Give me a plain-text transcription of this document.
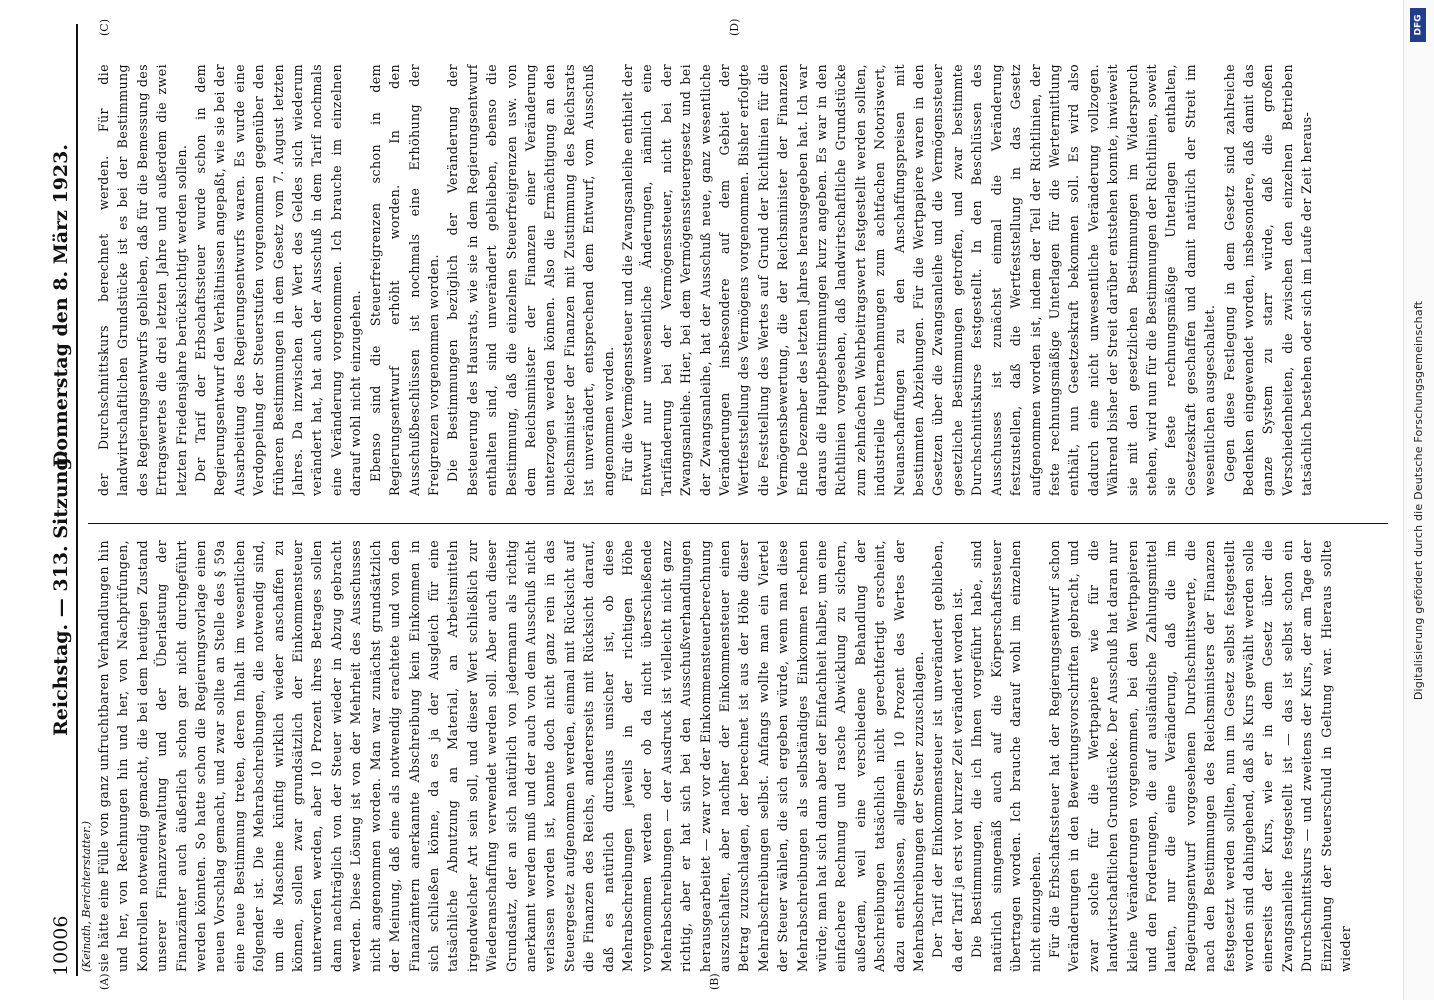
10006
Reichstag. — 313. Sitzung.
Donnerstag den 8. März 1923.
(Keinath, Berichterstatter.)
(A)	(B)
(C)	(D)

sie hätte eine Fülle von ganz unfruchtbaren Verhandlungen hin und her, von Rechnungen hin und her, von Nachprüfungen, Kontrollen notwendig gemacht, die bei dem heutigen Zustand unserer Finanzverwaltung und der Überlastung der Finanzämter auch äußerlich schon gar nicht durchgeführt werden könnten. So hatte schon die Regierungsvorlage einen neuen Vorschlag gemacht, und zwar sollte an Stelle des § 59a eine neue Bestimmung treten, deren Inhalt im wesentlichen folgender ist. Die Mehrabschreibungen, die notwendig sind, um die Maschine künftig wirklich wieder anschaffen zu können, sollen zwar grundsätzlich der Einkommensteuer unterworfen werden, aber 10 Prozent ihres Betrages sollen dann nachträglich von der Steuer wieder in Abzug gebracht werden. Diese Lösung ist von der Mehrheit des Ausschusses nicht angenommen worden. Man war zunächst grundsätzlich der Meinung, daß eine als notwendig erachtete und von den Finanzämtern anerkannte Abschreibung kein Einkommen in sich schließen könne, da es ja der Ausgleich für eine tatsächliche Abnutzung an Material, an Arbeitsmitteln irgendwelcher Art sein soll, und dieser Wert schließlich zur Wiederanschaffung verwendet werden soll. Aber auch dieser Grundsatz, der an sich natürlich von jedermann als richtig anerkannt werden muß und der auch von dem Ausschuß nicht verlassen worden ist, konnte doch nicht ganz rein in das Steuergesetz aufgenommen werden, einmal mit Rücksicht auf die Finanzen des Reichs, andererseits mit Rücksicht darauf, daß es natürlich durchaus unsicher ist, ob diese Mehrabschreibungen jeweils in der richtigen Höhe vorgenommen werden oder ob da nicht überschießende Mehrabschreibungen — der Ausdruck ist vielleicht nicht ganz richtig, aber er hat sich bei den Ausschußverhandlungen herausgearbeitet — zwar vor der Einkommensteuerberechnung auszuschalten, aber nachher der Einkommensteuer einen Betrag zuzuschlagen, der berechnet ist aus der Höhe dieser Mehrabschreibungen selbst. Anfangs wollte man ein Viertel der Steuer wählen, die sich ergeben würde, wenn man diese Mehrabschreibungen als selbständiges Einkommen rechnen würde; man hat sich dann aber der Einfachheit halber, um eine einfachere Rechnung und rasche Abwicklung zu sichern, außerdem, weil eine verschiedene Behandlung der Abschreibungen tatsächlich nicht gerechtfertigt erscheint, dazu entschlossen, allgemein 10 Prozent des Wertes der Mehrabschreibungen der Steuer zuzuschlagen. Der Tarif der Einkommensteuer ist unverändert geblieben, da der Tarif ja erst vor kurzer Zeit verändert worden ist. Die Bestimmungen, die ich Ihnen vorgeführt habe, sind natürlich sinngemäß auch auf die Körperschaftssteuer übertragen worden. Ich brauche darauf wohl im einzelnen nicht einzugehen. Für die Erbschaftssteuer hat der Regierungsentwurf schon Veränderungen in den Bewertungsvorschriften gebracht, und zwar solche für die Wertpapiere wie für die landwirtschaftlichen Grundstücke. Der Ausschuß hat daran nur kleine Veränderungen vorgenommen, bei den Wertpapieren und den Forderungen, die auf ausländische Zahlungsmittel lauten, nur die eine Veränderung, daß die im Regierungsentwurf vorgesehenen Durchschnittswerte, die nach den Bestimmungen des Reichsministers der Finanzen festgesetzt werden sollten, nun im Gesetz selbst festgestellt worden sind dahingehend, daß als Kurs gewählt werden solle einerseits der Kurs, wie er in dem Gesetz über die Zwangsanleihe festgestellt ist — das ist selbst schon ein Durchschnittskurs — und zweitens der Kurs, der am Tage der Einziehung der Steuerschuld in Geltung war. Hieraus sollte wieder

der Durchschnittskurs berechnet werden. Für die landwirtschaftlichen Grundstücke ist es bei der Bestimmung des Regierungsentwurfs geblieben, daß für die Bemessung des Ertragswertes die drei letzten Jahre und außerdem die zwei letzten Friedensjahre berücksichtigt werden sollen. Der Tarif der Erbschaftssteuer wurde schon in dem Regierungsentwurf den Verhältnissen angepaßt, wie sie bei der Ausarbeitung des Regierungsentwurfs waren. Es wurde eine Verdoppelung der Steuerstufen vorgenommen gegenüber den früheren Bestimmungen in dem Gesetz vom 7. August letzten Jahres. Da inzwischen der Wert des Geldes sich wiederum verändert hat, hat auch der Ausschuß in dem Tarif nochmals eine Veränderung vorgenommen. Ich brauche im einzelnen darauf wohl nicht einzugehen. Ebenso sind die Steuerfreigrenzen schon in dem Regierungsentwurf erhöht worden. In den Ausschußbeschlüssen ist nochmals eine Erhöhung der Freigrenzen vorgenommen worden. Die Bestimmungen bezüglich der Veränderung der Besteuerung des Hausrats, wie sie in dem Regierungsentwurf enthalten sind, sind unverändert geblieben, ebenso die Bestimmung, daß die einzelnen Steuerfreigrenzen usw. von dem Reichsminister der Finanzen einer Veränderung unterzogen werden können. Also die Ermächtigung an den Reichsminister der Finanzen mit Zustimmung des Reichsrats ist unverändert, entsprechend dem Entwurf, vom Ausschuß angenommen worden. Für die Vermögenssteuer und die Zwangsanleihe enthielt der Entwurf nur unwesentliche Änderungen, nämlich eine Tarifänderung bei der Vermögenssteuer, nicht bei der Zwangsanleihe. Hier, bei dem Vermögenssteuergesetz und bei der Zwangsanleihe, hat der Ausschuß neue, ganz wesentliche Veränderungen insbesondere auf dem Gebiet der Wertfeststellung des Vermögens vorgenommen. Bisher erfolgte die Feststellung des Wertes auf Grund der Richtlinien für die Vermögensbewertung, die der Reichsminister der Finanzen Ende Dezember des letzten Jahres herausgegeben hat. Ich war daraus die Hauptbestimmungen kurz angeben. Es war in den Richtlinien vorgesehen, daß landwirtschaftliche Grundstücke zum zehnfachen Wehrbeitragswert festgestellt werden sollten, industrielle Unternehmungen zum achtfachen Notoriswert, Neuanschaffungen zu den Anschaffungspreisen mit bestimmten Abziehungen. Für die Wertpapiere waren in den Gesetzen über die Zwangsanleihe und die Vermögenssteuer gesetzliche Bestimmungen getroffen, und zwar bestimmte Durchschnittskurse festgestellt. In den Beschlüssen des Ausschusses ist zunächst einmal die Veränderung festzustellen, daß die Wertfeststellung in das Gesetz aufgenommen worden ist, indem der Teil der Richtlinien, der feste rechnungsmäßige Unterlagen für die Wertermittlung enthält, nun Gesetzeskraft bekommen soll. Es wird also dadurch eine nicht unwesentliche Veränderung vollzogen. Während bisher der Streit darüber entstehen konnte, inwieweit sie mit den gesetzlichen Bestimmungen im Widerspruch stehen, wird nun für die Bestimmungen der Richtlinien, soweit sie feste rechnungsmäßige Unterlagen enthalten, Gesetzeskraft geschaffen und damit natürlich der Streit im wesentlichen ausgeschaltet. Gegen diese Festlegung in dem Gesetz sind zahlreiche Bedenken eingewendet worden, insbesondere, daß damit das ganze System zu starr würde, daß die großen Verschiedenheiten, die zwischen den einzelnen Betrieben tatsächlich bestehen oder sich im Laufe der Zeit heraus-

DFG
Digitalisierung gefördert durch die Deutsche Forschungsgemeinschaft
